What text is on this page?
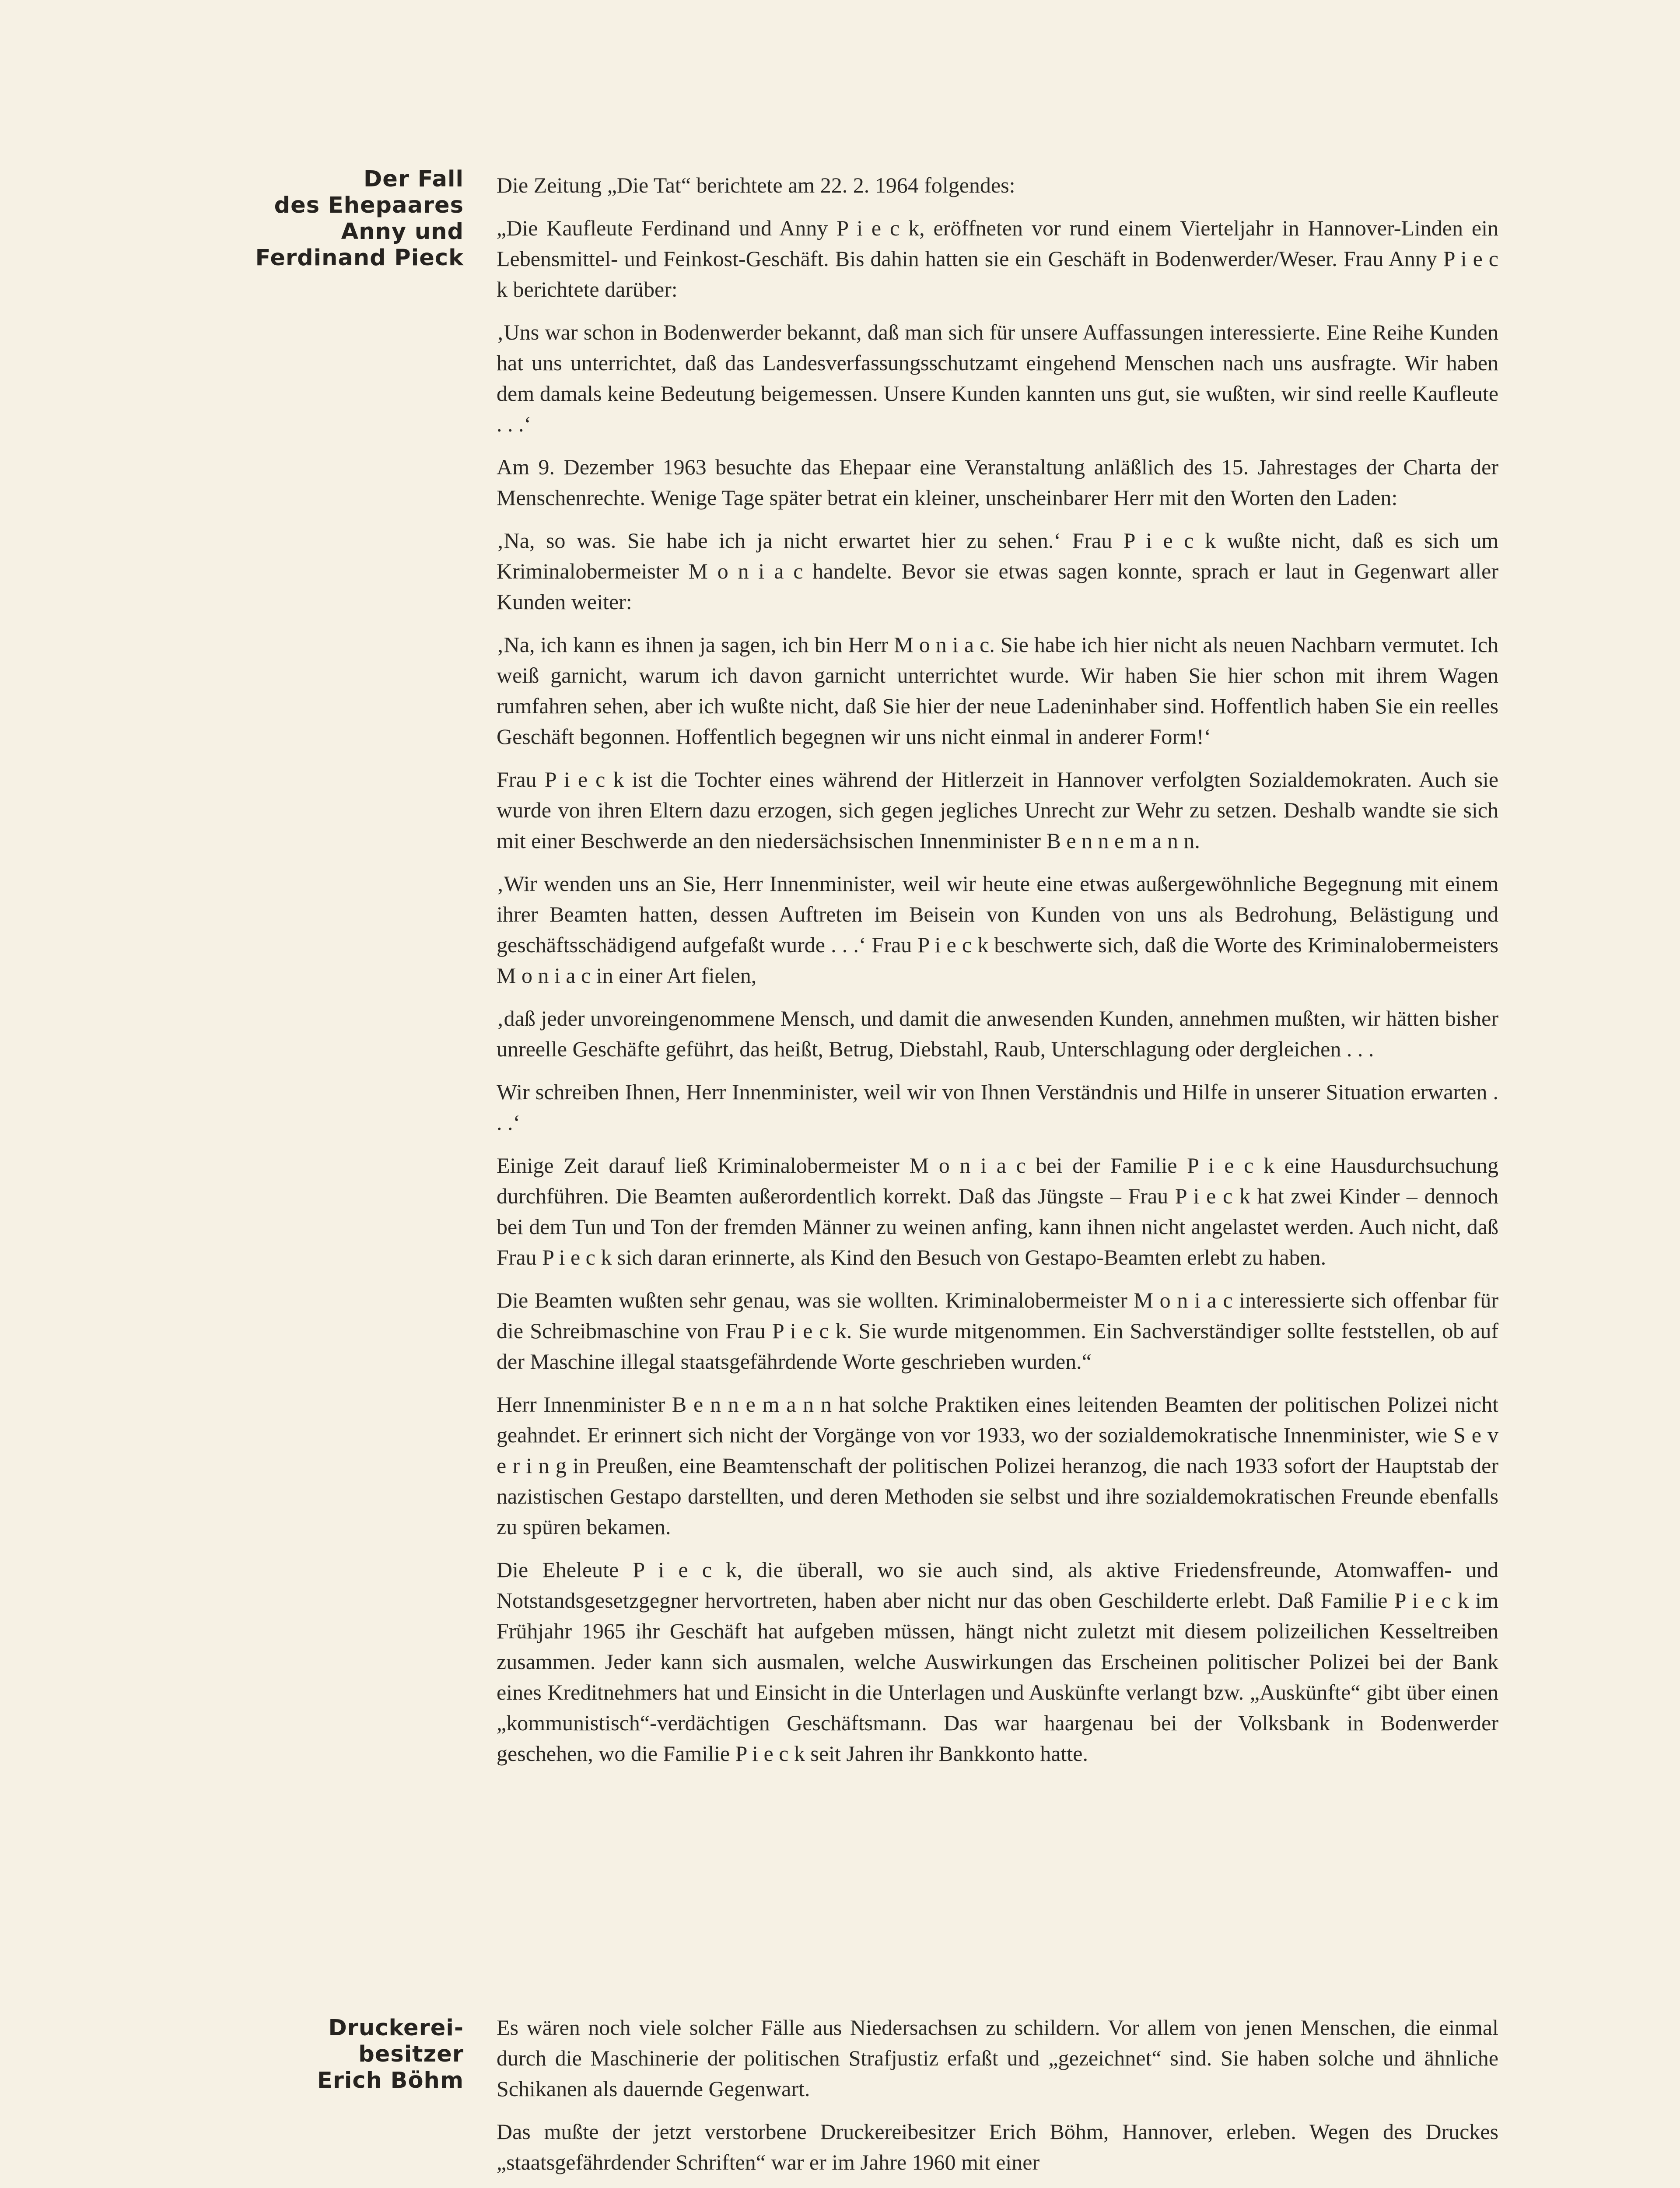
Der Fall
des Ehepaares
Anny und
Ferdinand Pieck

Die Zeitung „Die Tat“ berichtete am 22. 2. 1964 folgendes:

„Die Kaufleute Ferdinand und Anny P i e c k, eröffneten vor rund einem Vierteljahr in Hannover-Linden ein Lebensmittel- und Feinkost-Geschäft. Bis dahin hatten sie ein Geschäft in Bodenwerder/Weser. Frau Anny P i e c k berichtete darüber:

‚Uns war schon in Bodenwerder bekannt, daß man sich für unsere Auffassungen interessierte. Eine Reihe Kunden hat uns unterrichtet, daß das Landesverfassungsschutzamt eingehend Menschen nach uns ausfragte. Wir haben dem damals keine Bedeutung beigemessen. Unsere Kunden kannten uns gut, sie wußten, wir sind reelle Kaufleute . . .‘

Am 9. Dezember 1963 besuchte das Ehepaar eine Veranstaltung anläßlich des 15. Jahrestages der Charta der Menschenrechte. Wenige Tage später betrat ein kleiner, unscheinbarer Herr mit den Worten den Laden:

‚Na, so was. Sie habe ich ja nicht erwartet hier zu sehen.‘ Frau P i e c k wußte nicht, daß es sich um Kriminalobermeister M o n i a c handelte. Bevor sie etwas sagen konnte, sprach er laut in Gegenwart aller Kunden weiter:

‚Na, ich kann es ihnen ja sagen, ich bin Herr M o n i a c. Sie habe ich hier nicht als neuen Nachbarn vermutet. Ich weiß garnicht, warum ich davon garnicht unterrichtet wurde. Wir haben Sie hier schon mit ihrem Wagen rumfahren sehen, aber ich wußte nicht, daß Sie hier der neue Ladeninhaber sind. Hoffentlich haben Sie ein reelles Geschäft begonnen. Hoffentlich begegnen wir uns nicht einmal in anderer Form!‘

Frau P i e c k ist die Tochter eines während der Hitlerzeit in Hannover verfolgten Sozialdemokraten. Auch sie wurde von ihren Eltern dazu erzogen, sich gegen jegliches Unrecht zur Wehr zu setzen. Deshalb wandte sie sich mit einer Beschwerde an den niedersächsischen Innenminister B e n n e m a n n.

‚Wir wenden uns an Sie, Herr Innenminister, weil wir heute eine etwas außergewöhnliche Begegnung mit einem ihrer Beamten hatten, dessen Auftreten im Beisein von Kunden von uns als Bedrohung, Belästigung und geschäftsschädigend aufgefaßt wurde . . .‘ Frau P i e c k beschwerte sich, daß die Worte des Kriminalobermeisters M o n i a c in einer Art fielen,

‚daß jeder unvoreingenommene Mensch, und damit die anwesenden Kunden, annehmen mußten, wir hätten bisher unreelle Geschäfte geführt, das heißt, Betrug, Diebstahl, Raub, Unterschlagung oder dergleichen . . .

Wir schreiben Ihnen, Herr Innenminister, weil wir von Ihnen Verständnis und Hilfe in unserer Situation erwarten . . .‘

Einige Zeit darauf ließ Kriminalobermeister M o n i a c bei der Familie P i e c k eine Hausdurchsuchung durchführen. Die Beamten außerordentlich korrekt. Daß das Jüngste – Frau P i e c k hat zwei Kinder – dennoch bei dem Tun und Ton der fremden Männer zu weinen anfing, kann ihnen nicht angelastet werden. Auch nicht, daß Frau P i e c k sich daran erinnerte, als Kind den Besuch von Gestapo-Beamten erlebt zu haben.

Die Beamten wußten sehr genau, was sie wollten. Kriminalobermeister M o n i a c interessierte sich offenbar für die Schreibmaschine von Frau P i e c k. Sie wurde mitgenommen. Ein Sachverständiger sollte feststellen, ob auf der Maschine illegal staatsgefährdende Worte geschrieben wurden.“

Herr Innenminister B e n n e m a n n hat solche Praktiken eines leitenden Beamten der politischen Polizei nicht geahndet. Er erinnert sich nicht der Vorgänge von vor 1933, wo der sozialdemokratische Innenminister, wie S e v e r i n g in Preußen, eine Beamtenschaft der politischen Polizei heranzog, die nach 1933 sofort der Hauptstab der nazistischen Gestapo darstellten, und deren Methoden sie selbst und ihre sozialdemokratischen Freunde ebenfalls zu spüren bekamen.

Die Eheleute P i e c k, die überall, wo sie auch sind, als aktive Friedensfreunde, Atomwaffen- und Notstandsgesetzgegner hervortreten, haben aber nicht nur das oben Geschilderte erlebt. Daß Familie P i e c k im Frühjahr 1965 ihr Geschäft hat aufgeben müssen, hängt nicht zuletzt mit diesem polizeilichen Kesseltreiben zusammen. Jeder kann sich ausmalen, welche Auswirkungen das Erscheinen politischer Polizei bei der Bank eines Kreditnehmers hat und Einsicht in die Unterlagen und Auskünfte verlangt bzw. „Auskünfte“ gibt über einen „kommunistisch“-verdächtigen Geschäftsmann. Das war haargenau bei der Volksbank in Bodenwerder geschehen, wo die Familie P i e c k seit Jahren ihr Bankkonto hatte.

Druckerei-
besitzer
Erich Böhm

Es wären noch viele solcher Fälle aus Niedersachsen zu schildern. Vor allem von jenen Menschen, die einmal durch die Maschinerie der politischen Strafjustiz erfaßt und „gezeichnet“ sind. Sie haben solche und ähnliche Schikanen als dauernde Gegenwart.

Das mußte der jetzt verstorbene Druckereibesitzer Erich Böhm, Hannover, erleben. Wegen des Druckes „staatsgefährdender Schriften“ war er im Jahre 1960 mit einer
